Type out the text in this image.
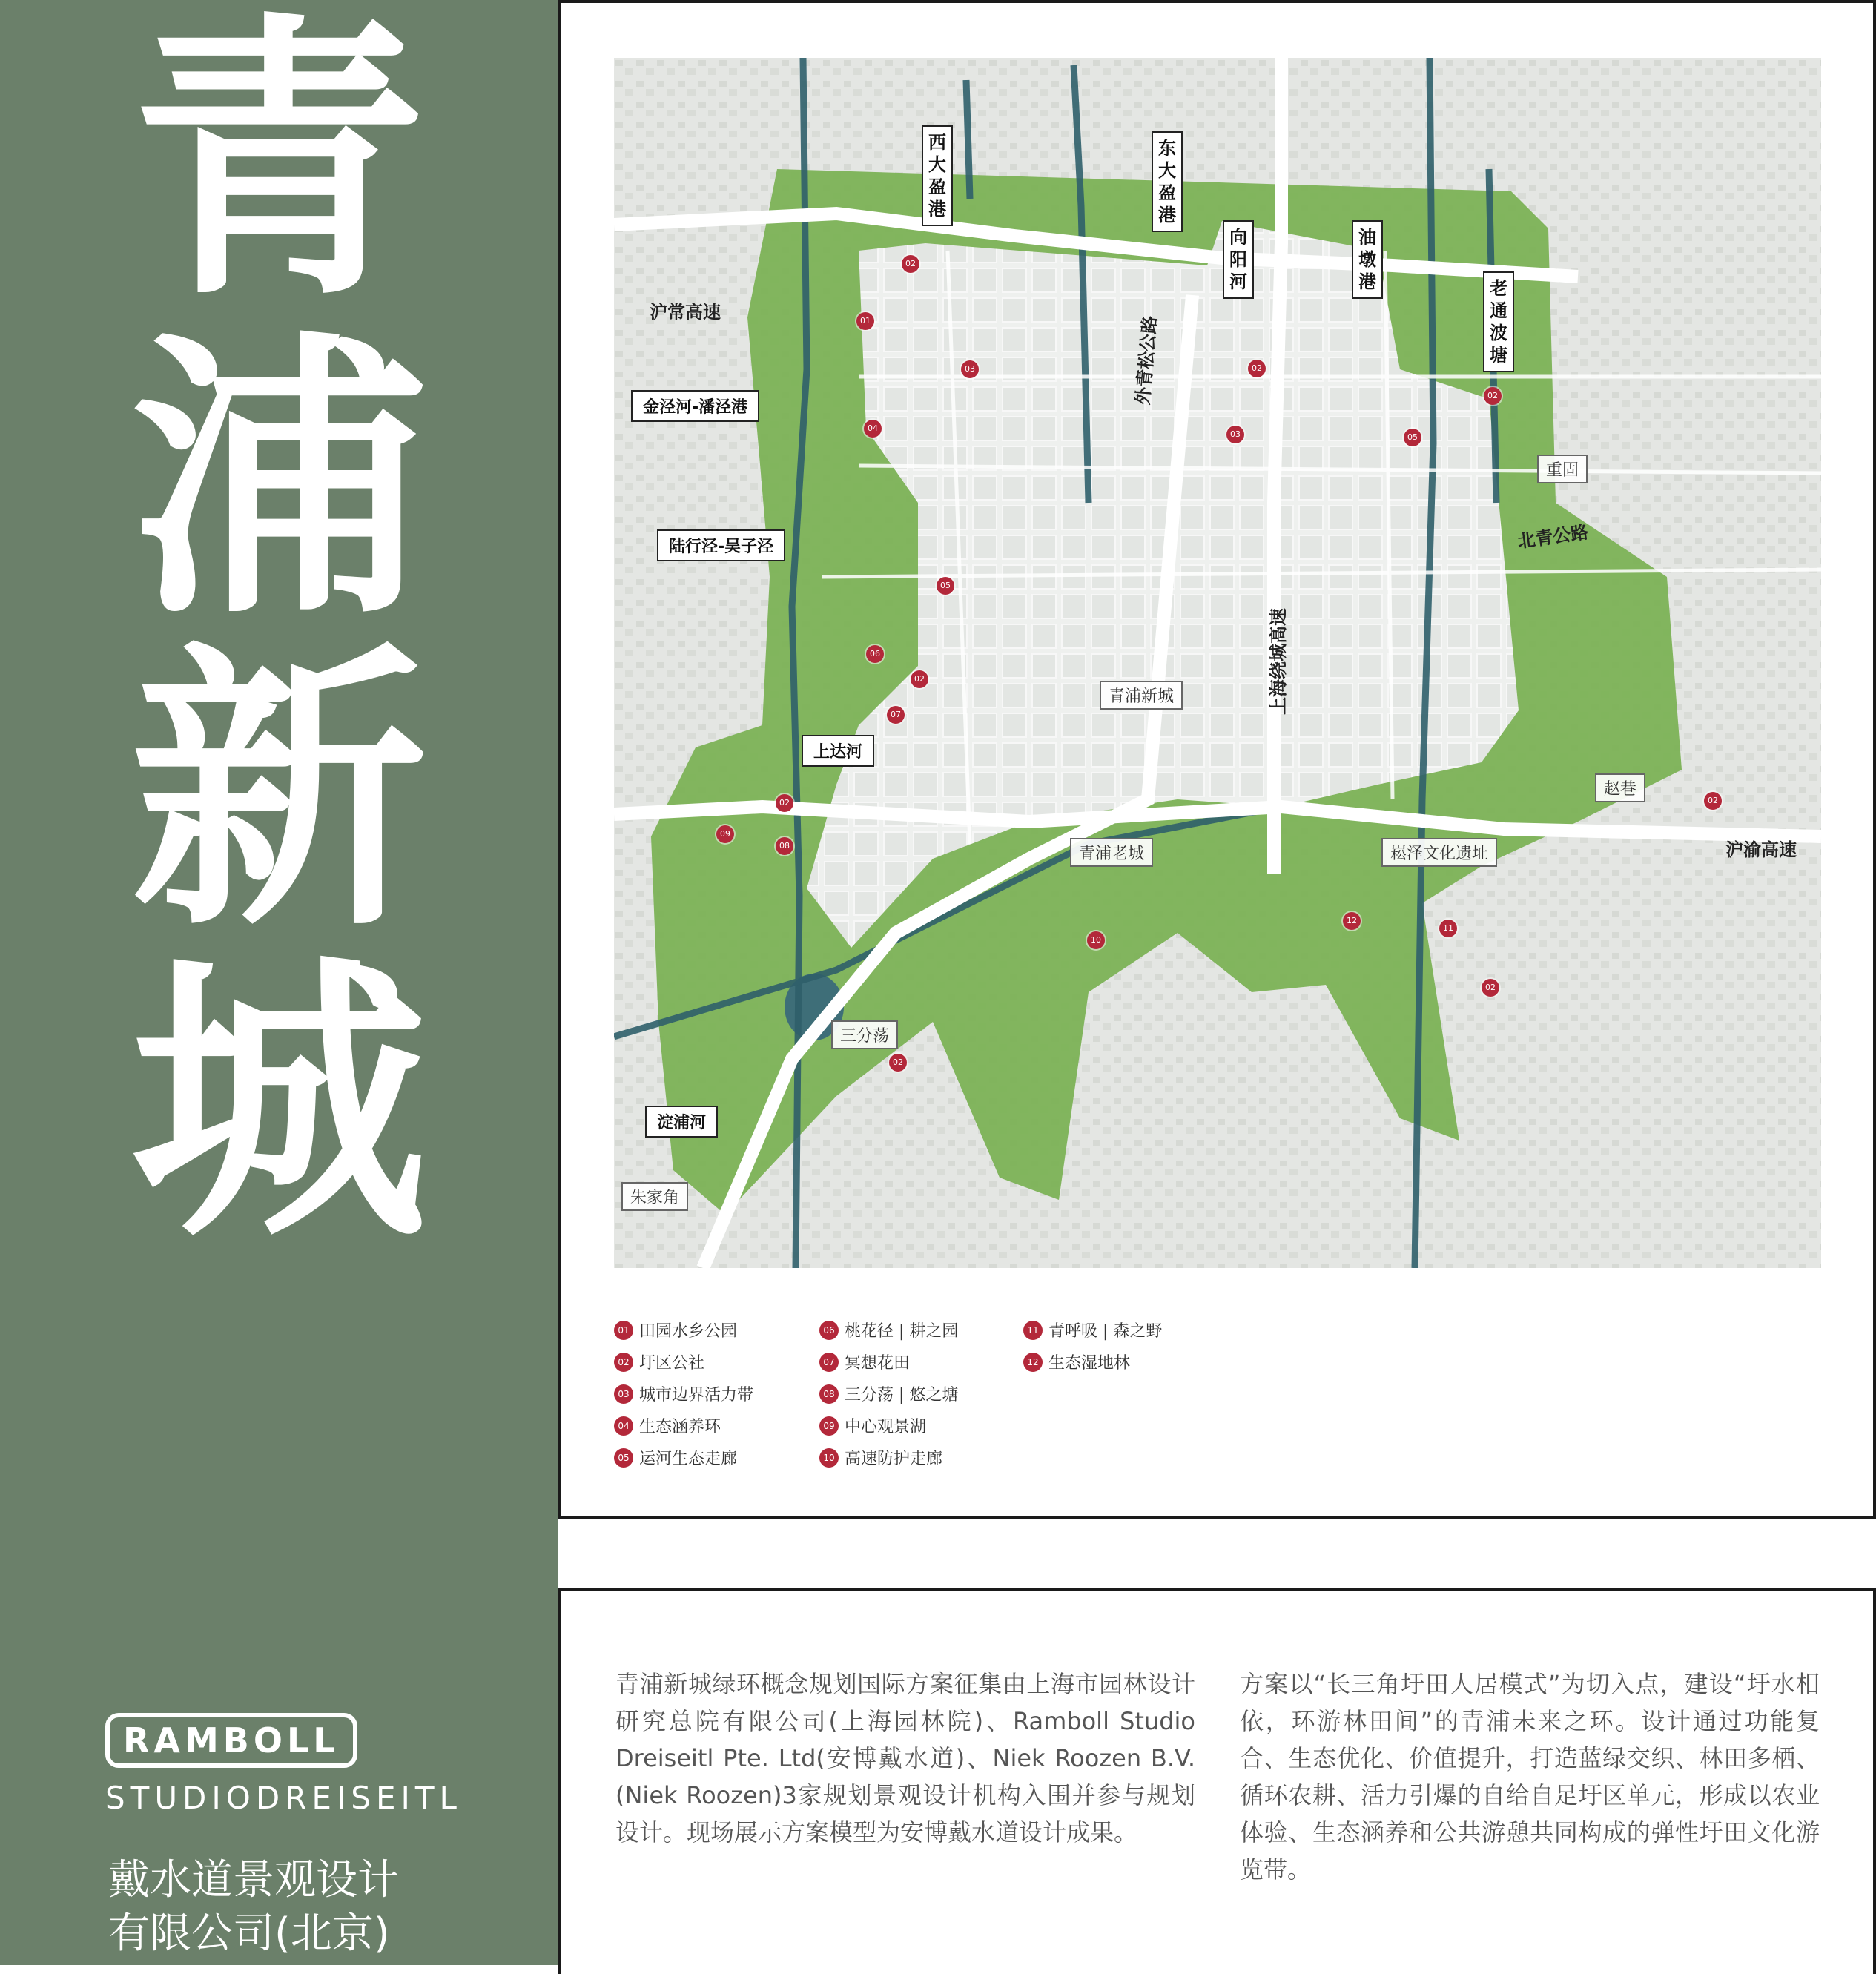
青
浦
新
城
RAMBOLL
STUDIODREISEITL
戴水道景观设计
有限公司(北京)
重固
青浦新城
赵巷
青浦老城	崧泽文化遗址
三分荡
朱家角
沪常高速
外青松公路
北青公路
上海绕城高速
沪渝高速
金泾河-潘泾港
陆行泾-吴子泾
上达河
淀浦河
西大盈港
东大盈港
向阳河
油墩港	老通波塘
02
01
03
04
05
06
02
07
02
09
08
02
03
02
05
02
10
12
11
02
02
01 田园水乡公园
02 圩区公社
03 城市边界活力带
04 生态涵养环
05 运河生态走廊
06 桃花径 | 耕之园
07 冥想花田
08 三分荡 | 悠之塘
09 中心观景湖
10 高速防护走廊
11 青呼吸 | 森之野
12 生态湿地林
青浦新城绿环概念规划国际方案征集由上海市园林设计研究总院有限公司(上海园林院)、Ramboll Studio Dreiseitl Pte. Ltd(安博戴水道)、Niek Roozen B.V.(Niek Roozen)3家规划景观设计机构入围并参与规划设计。现场展示方案模型为安博戴水道设计成果。
方案以“长三角圩田人居模式”为切入点，建设“圩水相依，环游林田间”的青浦未来之环。设计通过功能复合、生态优化、价值提升，打造蓝绿交织、林田多栖、循环农耕、活力引爆的自给自足圩区单元，形成以农业体验、生态涵养和公共游憩共同构成的弹性圩田文化游览带。
